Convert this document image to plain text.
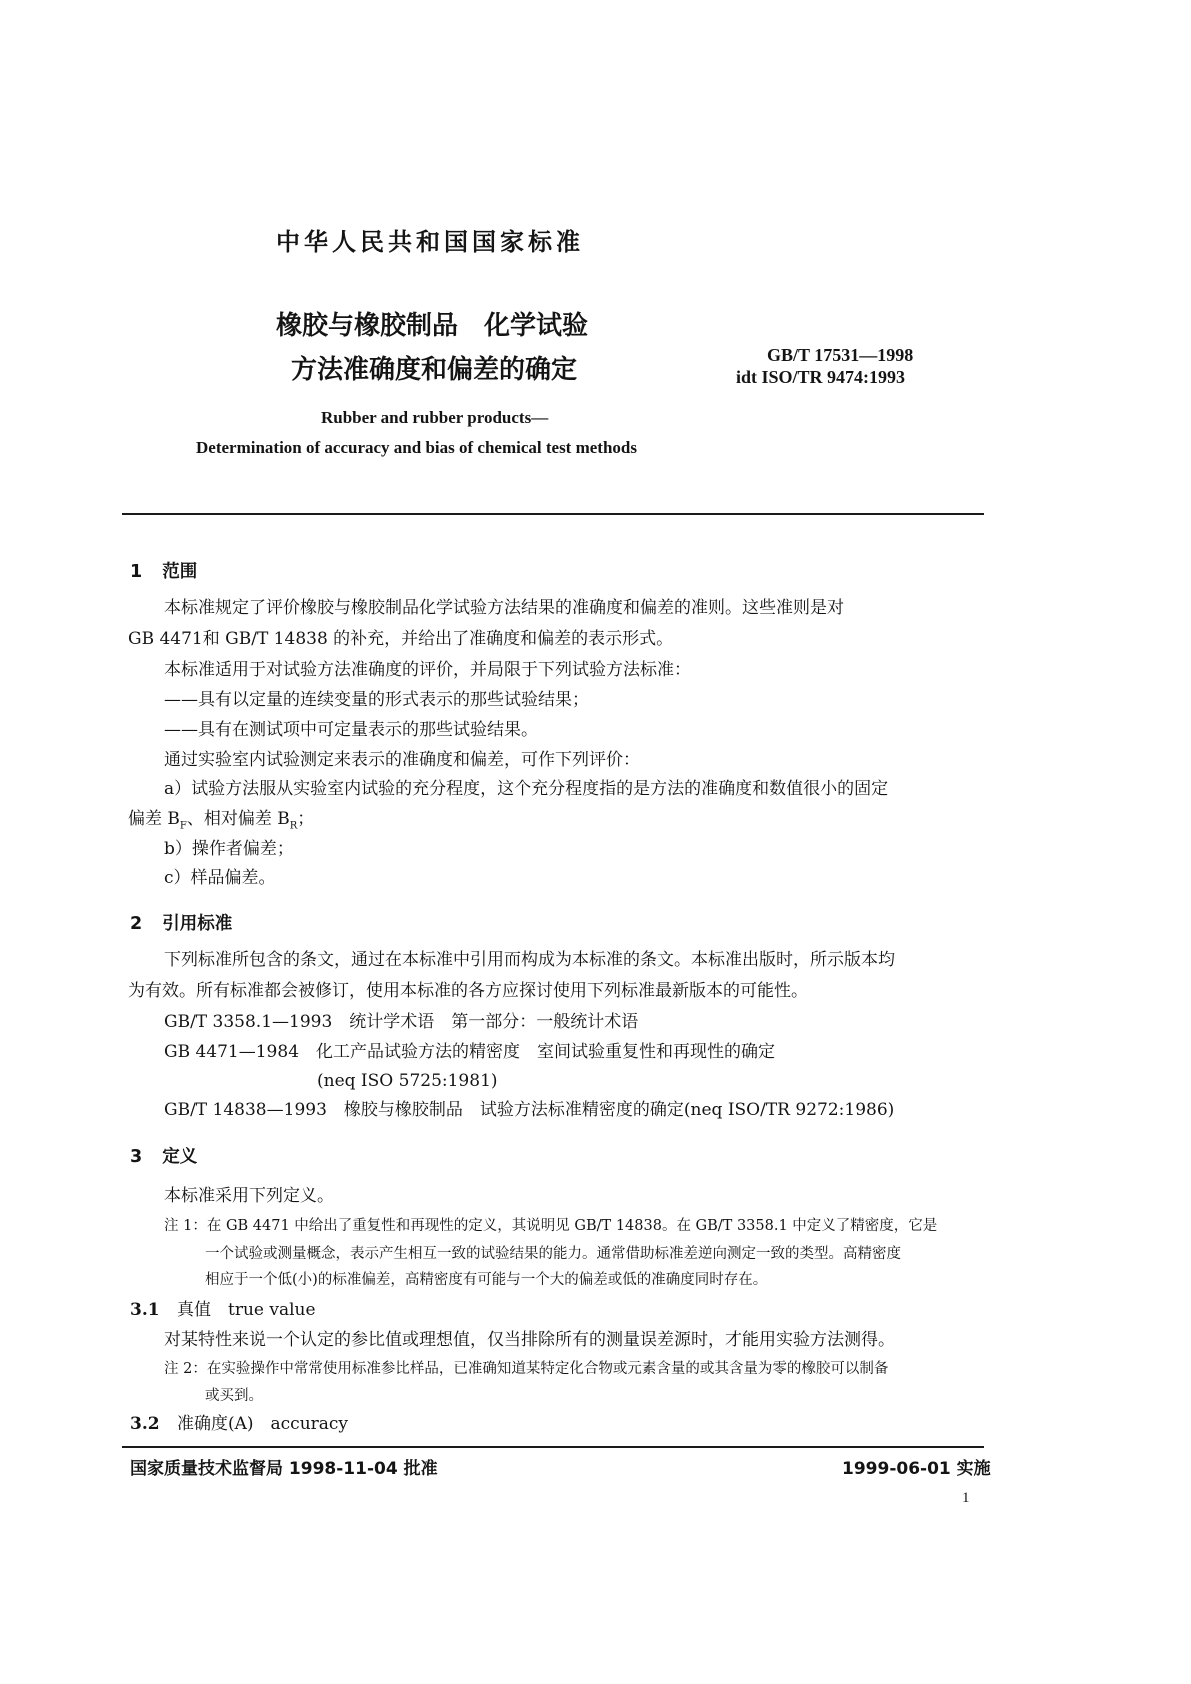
中华人民共和国国家标准
橡胶与橡胶制品　化学试验
方法准确度和偏差的确定	GB/T 17531—1998
idt ISO/TR 9474:1993
Rubber and rubber products—
Determination of accuracy and bias of chemical test methods
1 范围
本标准规定了评价橡胶与橡胶制品化学试验方法结果的准确度和偏差的准则。这些准则是对
GB 4471和 GB/T 14838 的补充，并给出了准确度和偏差的表示形式。
本标准适用于对试验方法准确度的评价，并局限于下列试验方法标准：
——具有以定量的连续变量的形式表示的那些试验结果；
——具有在测试项中可定量表示的那些试验结果。
通过实验室内试验测定来表示的准确度和偏差，可作下列评价：
a）试验方法服从实验室内试验的充分程度，这个充分程度指的是方法的准确度和数值很小的固定
偏差 $B_F$、相对偏差 $B_R$；
b）操作者偏差；
c）样品偏差。
2 引用标准
下列标准所包含的条文，通过在本标准中引用而构成为本标准的条文。本标准出版时，所示版本均
为有效。所有标准都会被修订，使用本标准的各方应探讨使用下列标准最新版本的可能性。
GB/T 3358.1—1993　统计学术语　第一部分：一般统计术语
GB 4471—1984　化工产品试验方法的精密度　室间试验重复性和再现性的确定
(neq ISO 5725:1981)
GB/T 14838—1993　橡胶与橡胶制品　试验方法标准精密度的确定(neq ISO/TR 9272:1986)
3 定义
本标准采用下列定义。
注 1：在 GB 4471 中给出了重复性和再现性的定义，其说明见 GB/T 14838。在 GB/T 3358.1 中定义了精密度，它是
一个试验或测量概念，表示产生相互一致的试验结果的能力。通常借助标准差逆向测定一致的类型。高精密度
相应于一个低(小)的标准偏差，高精密度有可能与一个大的偏差或低的准确度同时存在。
3.1 真值　true value
对某特性来说一个认定的参比值或理想值，仅当排除所有的测量误差源时，才能用实验方法测得。
注 2：在实验操作中常常使用标准参比样品，已准确知道某特定化合物或元素含量的或其含量为零的橡胶可以制备
或买到。
3.2 准确度(A)　accuracy
国家质量技术监督局 1998-11-04 批准	1999-06-01 实施
1
